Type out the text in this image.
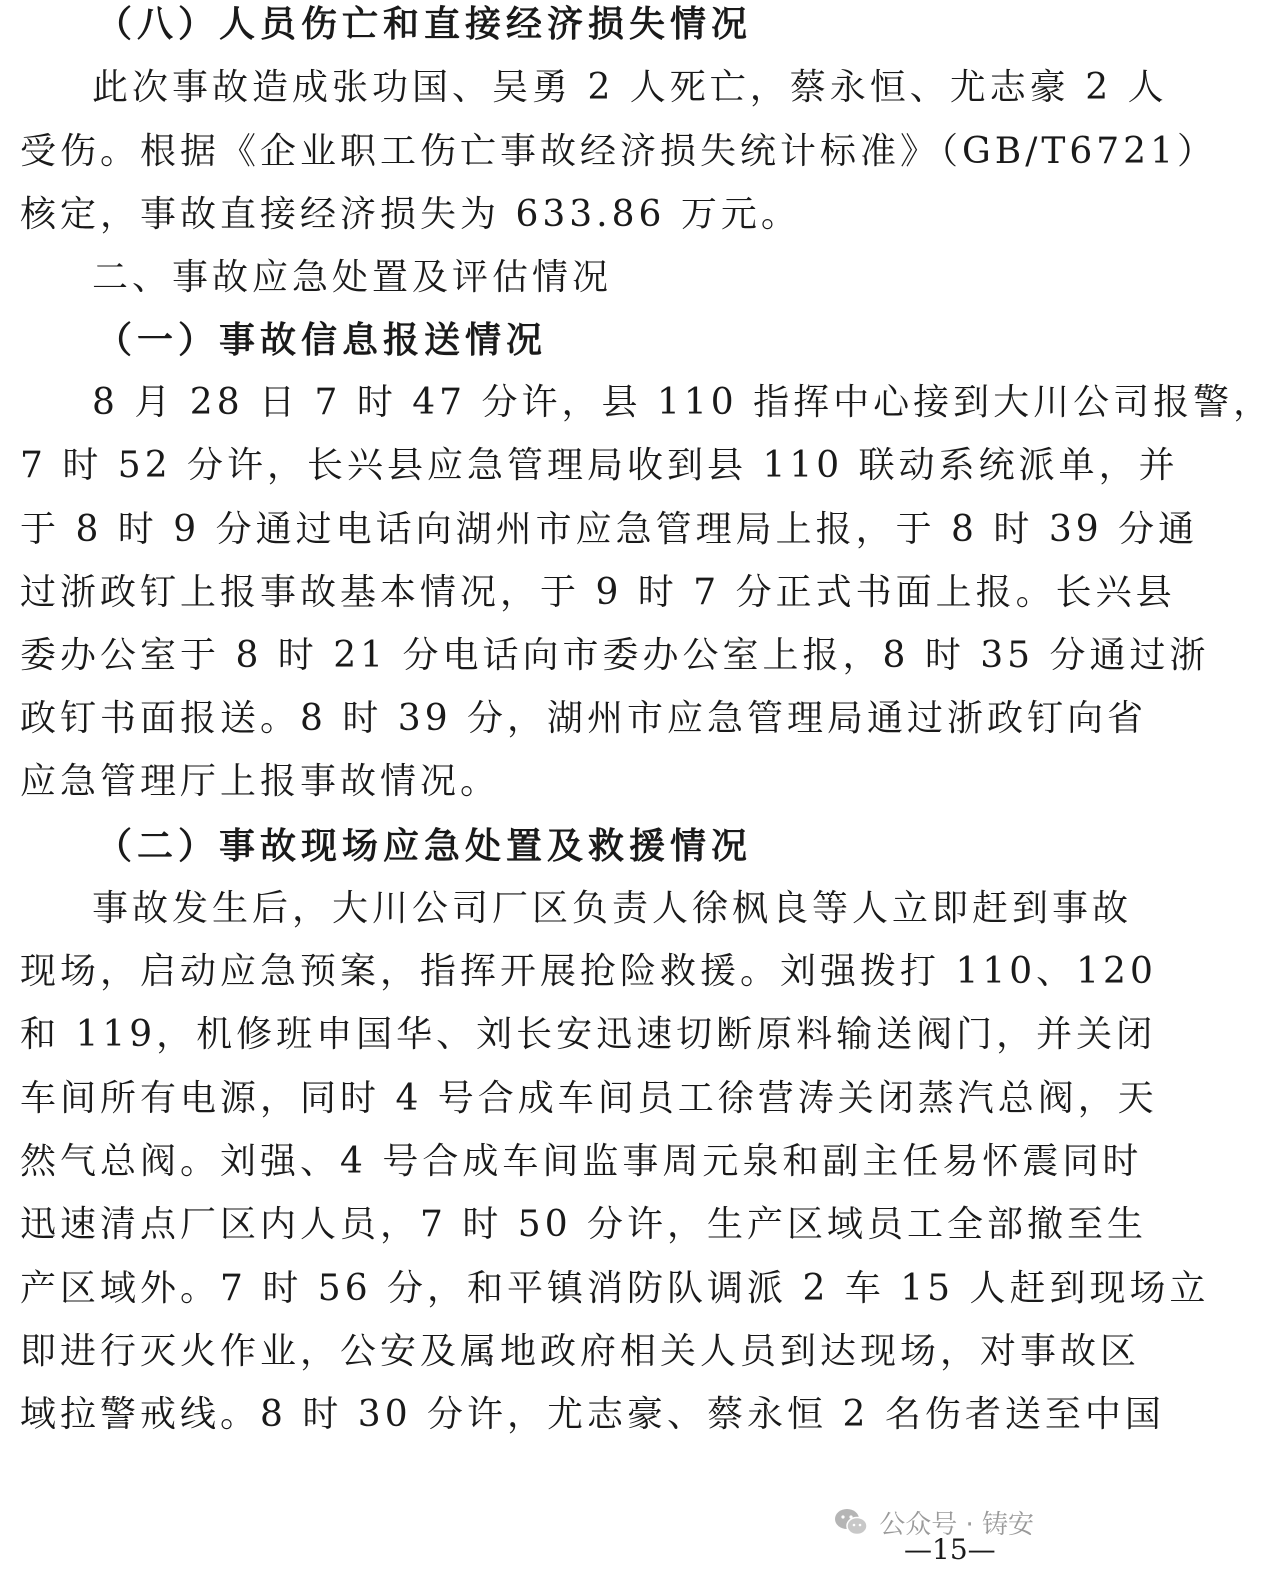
（八）人员伤亡和直接经济损失情况
此次事故造成张功国、吴勇 2 人死亡，蔡永恒、尤志豪 2 人
受伤。根据《企业职工伤亡事故经济损失统计标准》（GB/T6721）
核定，事故直接经济损失为 633.86 万元。
二、事故应急处置及评估情况
（一）事故信息报送情况
8 月 28 日 7 时 47 分许，县 110 指挥中心接到大川公司报警，
7 时 52 分许，长兴县应急管理局收到县 110 联动系统派单，并
于 8 时 9 分通过电话向湖州市应急管理局上报，于 8 时 39 分通
过浙政钉上报事故基本情况，于 9 时 7 分正式书面上报。长兴县
委办公室于 8 时 21 分电话向市委办公室上报，8 时 35 分通过浙
政钉书面报送。8 时 39 分，湖州市应急管理局通过浙政钉向省
应急管理厅上报事故情况。
（二）事故现场应急处置及救援情况
事故发生后，大川公司厂区负责人徐枫良等人立即赶到事故
现场，启动应急预案，指挥开展抢险救援。刘强拨打 110、120
和 119，机修班申国华、刘长安迅速切断原料输送阀门，并关闭
车间所有电源，同时 4 号合成车间员工徐营涛关闭蒸汽总阀，天
然气总阀。刘强、4 号合成车间监事周元泉和副主任易怀震同时
迅速清点厂区内人员，7 时 50 分许，生产区域员工全部撤至生
产区域外。7 时 56 分，和平镇消防队调派 2 车 15 人赶到现场立
即进行灭火作业，公安及属地政府相关人员到达现场，对事故区
域拉警戒线。8 时 30 分许，尤志豪、蔡永恒 2 名伤者送至中国
公众号 · 铸安
—15—
